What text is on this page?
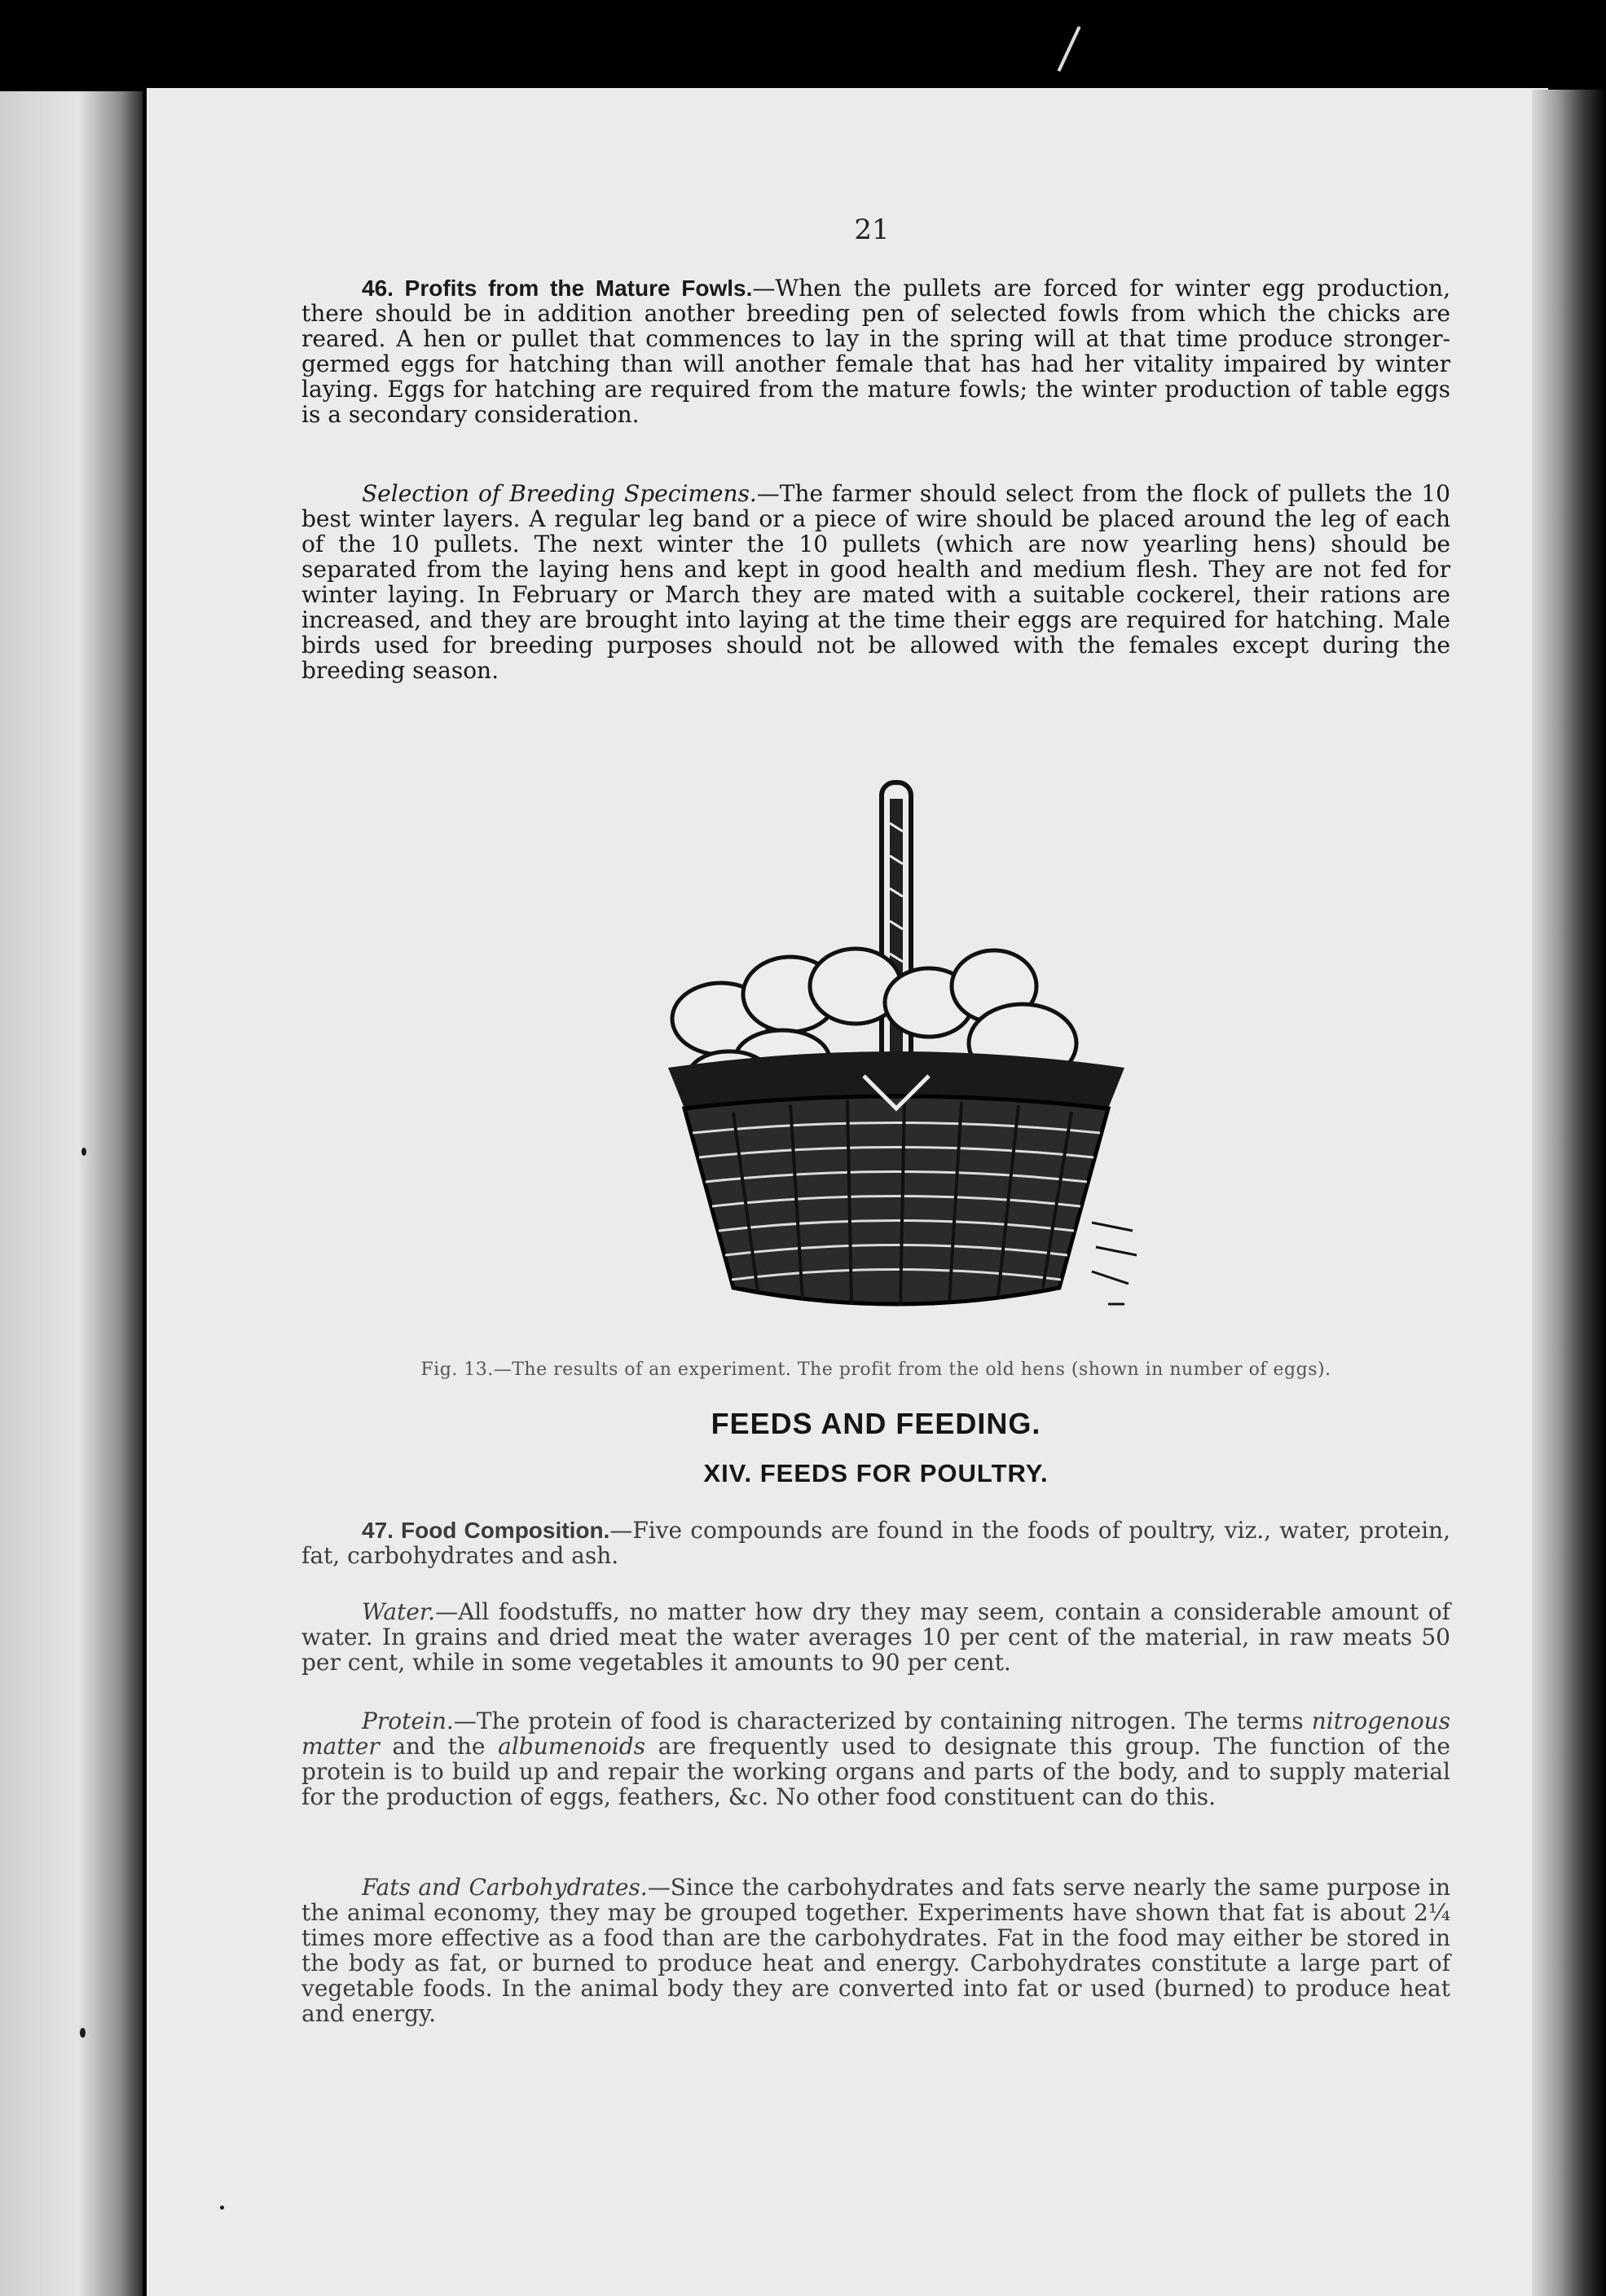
21
46. Profits from the Mature Fowls.—When the pullets are forced for winter egg production, there should be in addition another breeding pen of selected fowls from which the chicks are reared. A hen or pullet that commences to lay in the spring will at that time produce stronger-germed eggs for hatching than will another female that has had her vitality impaired by winter laying. Eggs for hatching are required from the mature fowls; the winter production of table eggs is a secondary consideration.
Selection of Breeding Specimens.—The farmer should select from the flock of pullets the 10 best winter layers. A regular leg band or a piece of wire should be placed around the leg of each of the 10 pullets. The next winter the 10 pullets (which are now yearling hens) should be separated from the laying hens and kept in good health and medium flesh. They are not fed for winter laying. In February or March they are mated with a suitable cockerel, their rations are increased, and they are brought into laying at the time their eggs are required for hatching. Male birds used for breeding purposes should not be allowed with the females except during the breeding season.
Fig. 13.—The results of an experiment. The profit from the old hens (shown in number of eggs).
FEEDS AND FEEDING.
XIV. FEEDS FOR POULTRY.
47. Food Composition.—Five compounds are found in the foods of poultry, viz., water, protein, fat, carbohydrates and ash.
Water.—All foodstuffs, no matter how dry they may seem, contain a considerable amount of water. In grains and dried meat the water averages 10 per cent of the material, in raw meats 50 per cent, while in some vegetables it amounts to 90 per cent.
Protein.—The protein of food is characterized by containing nitrogen. The terms nitrogenous matter and the albumenoids are frequently used to designate this group. The function of the protein is to build up and repair the working organs and parts of the body, and to supply material for the production of eggs, feathers, &c. No other food constituent can do this.
Fats and Carbohydrates.—Since the carbohydrates and fats serve nearly the same purpose in the animal economy, they may be grouped together. Experiments have shown that fat is about 2¼ times more effective as a food than are the carbohydrates. Fat in the food may either be stored in the body as fat, or burned to produce heat and energy. Carbohydrates constitute a large part of vegetable foods. In the animal body they are converted into fat or used (burned) to produce heat and energy.
